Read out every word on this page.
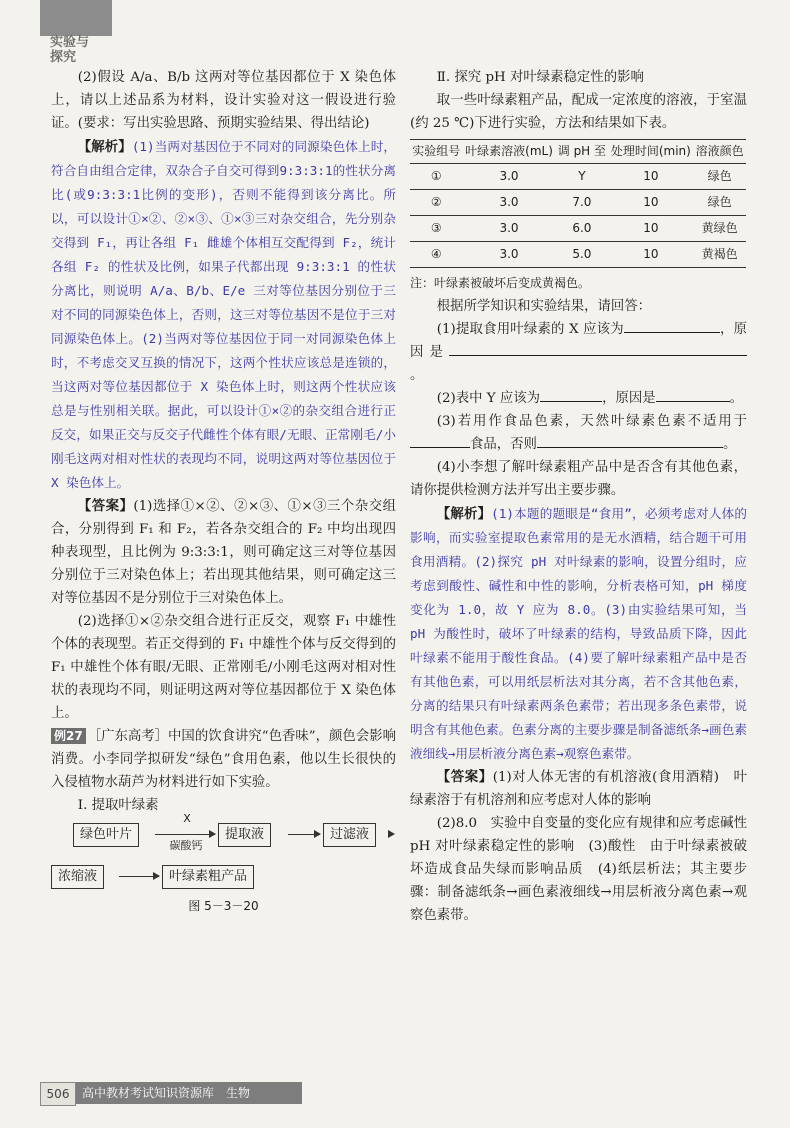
实验与
探究

(2)假设 A/a、B/b 这两对等位基因都位于 X 染色体上，请以上述品系为材料，设计实验对这一假设进行验证。(要求：写出实验思路、预期实验结果、得出结论)

【解析】(1)当两对基因位于不同对的同源染色体上时，符合自由组合定律，双杂合子自交可得到9:3:3:1的性状分离比(或9:3:3:1比例的变形)，否则不能得到该分离比。所以，可以设计①×②、②×③、①×③三对杂交组合，先分别杂交得到 F₁，再让各组 F₁ 雌雄个体相互交配得到 F₂，统计各组 F₂ 的性状及比例，如果子代都出现 9:3:3:1 的性状分离比，则说明 A/a、B/b、E/e 三对等位基因分别位于三对不同的同源染色体上，否则，这三对等位基因不是位于三对同源染色体上。(2)当两对等位基因位于同一对同源染色体上时，不考虑交叉互换的情况下，这两个性状应该总是连锁的，当这两对等位基因都位于 X 染色体上时，则这两个性状应该总是与性别相关联。据此，可以设计①×②的杂交组合进行正反交，如果正交与反交子代雌性个体有眼/无眼、正常刚毛/小刚毛这两对相对性状的表现均不同，说明这两对等位基因位于 X 染色体上。

【答案】(1)选择①×②、②×③、①×③三个杂交组合，分别得到 F₁ 和 F₂，若各杂交组合的 F₂ 中均出现四种表现型，且比例为 9:3:3:1，则可确定这三对等位基因分别位于三对染色体上；若出现其他结果，则可确定这三对等位基因不是分别位于三对染色体上。

(2)选择①×②杂交组合进行正反交，观察 F₁ 中雄性个体的表现型。若正交得到的 F₁ 中雄性个体与反交得到的 F₁ 中雄性个体有眼/无眼、正常刚毛/小刚毛这两对相对性状的表现均不同，则证明这两对等位基因都位于 X 染色体上。

例27 ［广东高考］中国的饮食讲究“色香味”，颜色会影响消费。小李同学拟研发“绿色”食用色素，他以生长很快的入侵植物水葫芦为材料进行如下实验。

Ⅰ. 提取叶绿素

绿色叶片
X
碳酸钙
提取液	过滤液
浓缩液	叶绿素粗产品
图 5－3－20

Ⅱ. 探究 pH 对叶绿素稳定性的影响

取一些叶绿素粗产品，配成一定浓度的溶液，于室温(约 25 ℃)下进行实验，方法和结果如下表。

实验组号	叶绿素溶液(mL)	调 pH 至	处理时间(min)	溶液颜色
①	3.0	Y	10	绿色
②	3.0	7.0	10	绿色
③	3.0	6.0	10	黄绿色
④	3.0	5.0	10	黄褐色

注：叶绿素被破坏后变成黄褐色。

根据所学知识和实验结果，请回答：

(1)提取食用叶绿素的 X 应该为	，原因是。

(2)表中 Y 应该为	，原因是	。

(3)若用作食品色素，天然叶绿素色素不适用于食品，否则	。

(4)小李想了解叶绿素粗产品中是否含有其他色素，请你提供检测方法并写出主要步骤。

【解析】(1)本题的题眼是“食用”，必须考虑对人体的影响，而实验室提取色素常用的是无水酒精，结合题干可用食用酒精。(2)探究 pH 对叶绿素的影响，设置分组时，应考虑到酸性、碱性和中性的影响，分析表格可知，pH 梯度变化为 1.0，故 Y 应为 8.0。(3)由实验结果可知，当 pH 为酸性时，破坏了叶绿素的结构，导致品质下降，因此叶绿素不能用于酸性食品。(4)要了解叶绿素粗产品中是否有其他色素，可以用纸层析法对其分离，若不含其他色素，分离的结果只有叶绿素两条色素带；若出现多条色素带，说明含有其他色素。色素分离的主要步骤是制备滤纸条→画色素液细线→用层析液分离色素→观察色素带。

【答案】(1)对人体无害的有机溶液(食用酒精)　叶绿素溶于有机溶剂和应考虑对人体的影响

(2)8.0　实验中自变量的变化应有规律和应考虑碱性 pH 对叶绿素稳定性的影响　(3)酸性　由于叶绿素被破坏造成食品失绿而影响品质　(4)纸层析法；其主要步骤：制备滤纸条→画色素液细线→用层析液分离色素→观察色素带。

506	高中教材考试知识资源库　生物
